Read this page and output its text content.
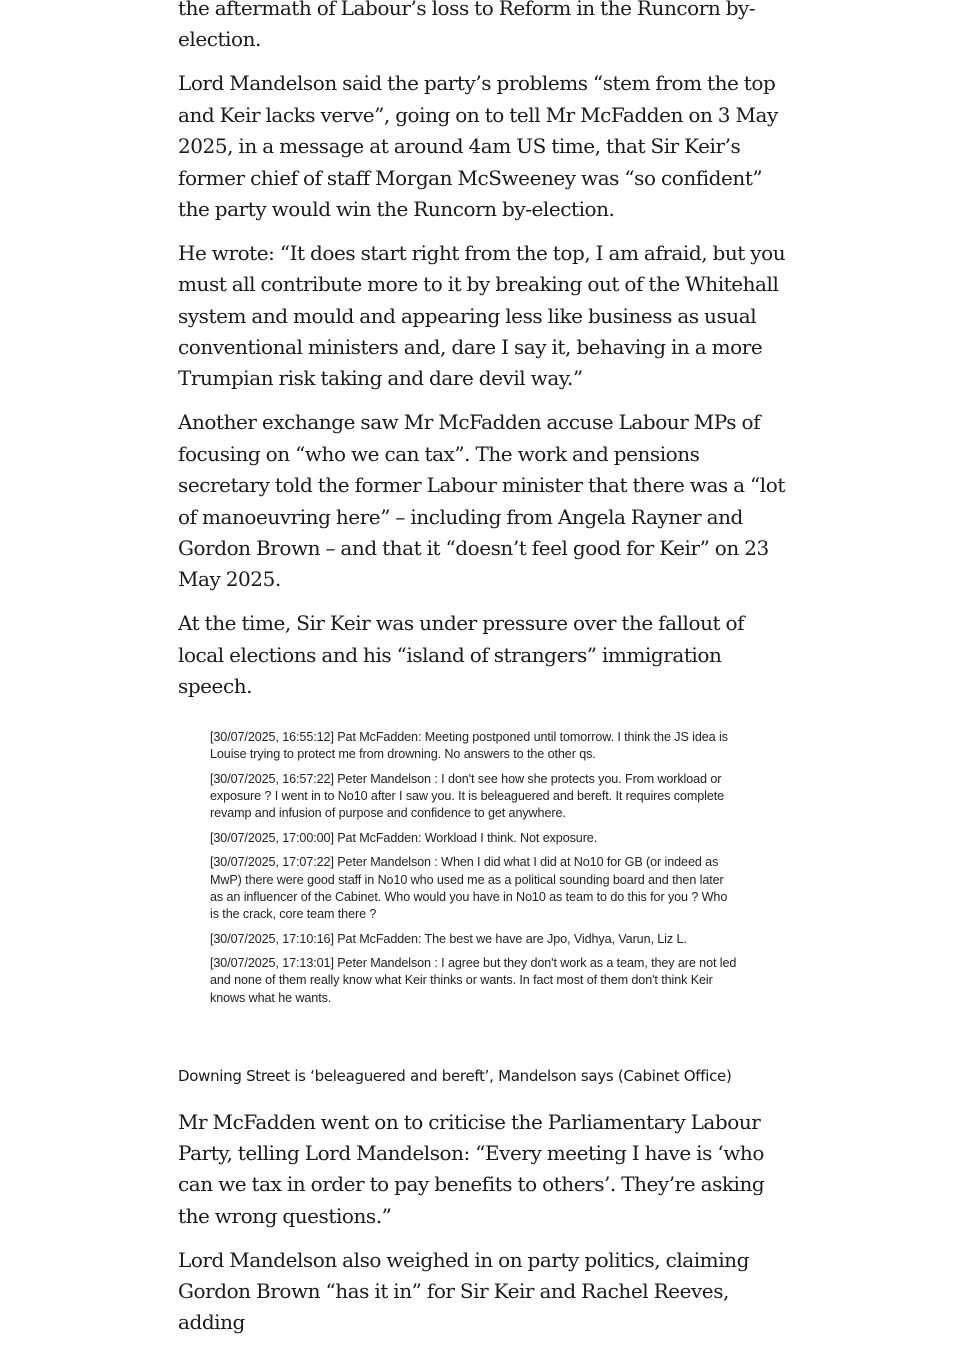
the aftermath of Labour’s loss to Reform in the Runcorn by-election.

Lord Mandelson said the party’s problems “stem from the top and Keir lacks verve”, going on to tell Mr McFadden on 3 May 2025, in a message at around 4am US time, that Sir Keir’s former chief of staff Morgan McSweeney was “so confident” the party would win the Runcorn by-election.

He wrote: “It does start right from the top, I am afraid, but you must all contribute more to it by breaking out of the Whitehall system and mould and appearing less like business as usual conventional ministers and, dare I say it, behaving in a more Trumpian risk taking and dare devil way.”

Another exchange saw Mr McFadden accuse Labour MPs of focusing on “who we can tax”. The work and pensions secretary told the former Labour minister that there was a “lot of manoeuvring here” – including from Angela Rayner and Gordon Brown – and that it “doesn’t feel good for Keir” on 23 May 2025.

At the time, Sir Keir was under pressure over the fallout of local elections and his “island of strangers” immigration speech.

[30/07/2025, 16:55:12] Pat McFadden: Meeting postponed until tomorrow. I think the JS idea is Louise trying to protect me from drowning. No answers to the other qs.

[30/07/2025, 16:57:22] Peter Mandelson : I don't see how she protects you. From workload or exposure ? I went in to No10 after I saw you. It is beleaguered and bereft. It requires complete revamp and infusion of purpose and confidence to get anywhere.

[30/07/2025, 17:00:00] Pat McFadden: Workload I think. Not exposure.

[30/07/2025, 17:07:22] Peter Mandelson : When I did what I did at No10 for GB (or indeed as MwP) there were good staff in No10 who used me as a political sounding board and then later as an influencer of the Cabinet. Who would you have in No10 as team to do this for you ? Who is the crack, core team there ?

[30/07/2025, 17:10:16] Pat McFadden: The best we have are Jpo, Vidhya, Varun, Liz L.

[30/07/2025, 17:13:01] Peter Mandelson : I agree but they don't work as a team, they are not led and none of them really know what Keir thinks or wants. In fact most of them don't think Keir knows what he wants.

Downing Street is ‘beleaguered and bereft’, Mandelson says (Cabinet Office)

Mr McFadden went on to criticise the Parliamentary Labour Party, telling Lord Mandelson: “Every meeting I have is ‘who can we tax in order to pay benefits to others’. They’re asking the wrong questions.”

Lord Mandelson also weighed in on party politics, claiming Gordon Brown “has it in” for Sir Keir and Rachel Reeves, adding
